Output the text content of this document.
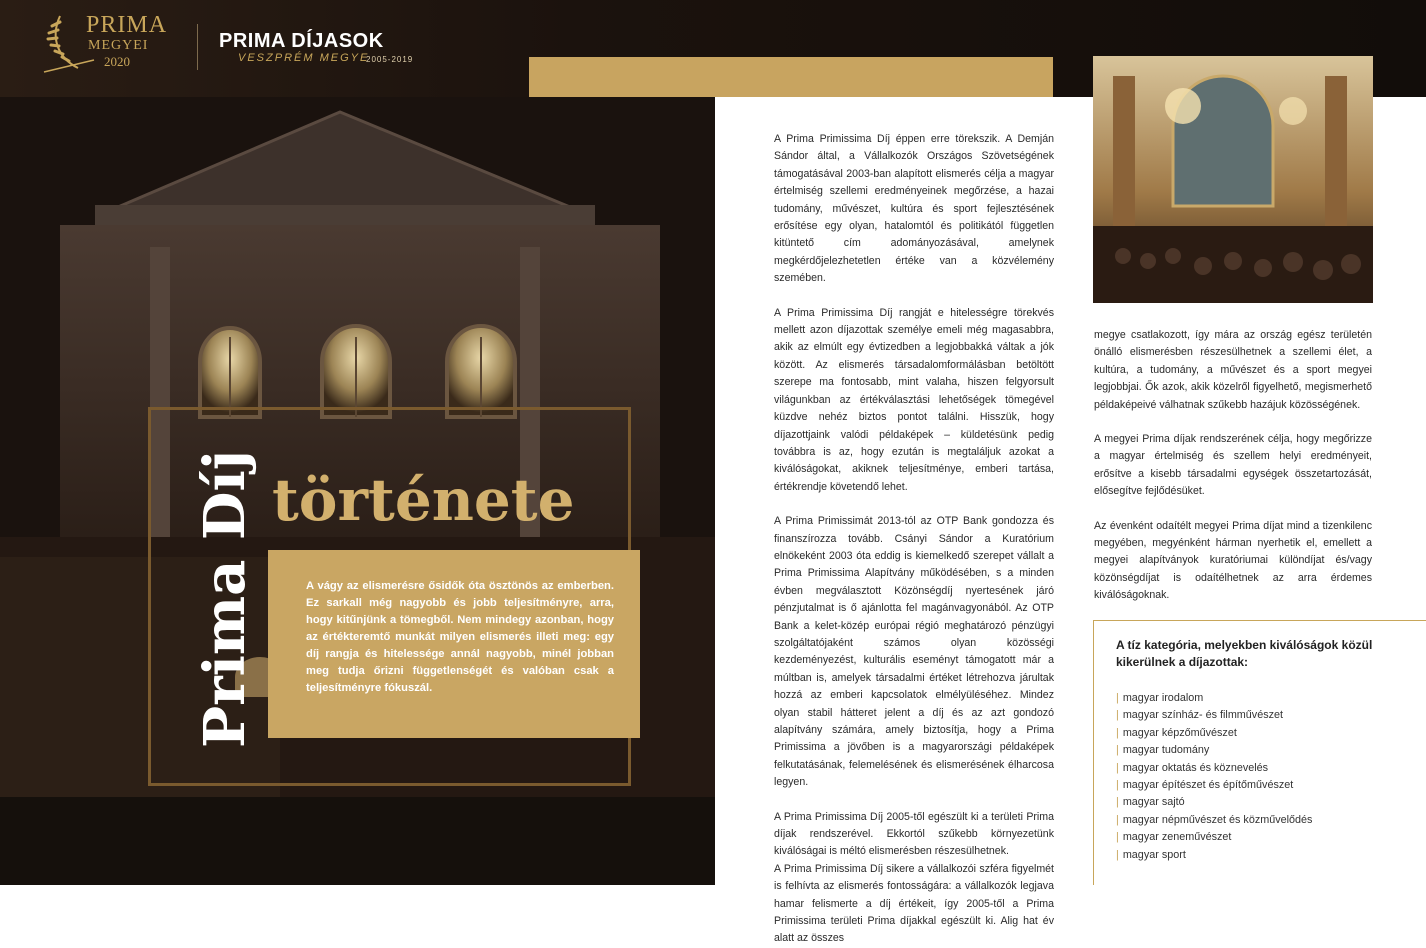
PRIMA
MEGYEI
2020
PRIMA DÍJASOK
VESZPRÉM MEGYE
2005-2019

A vágy az elismerésre ősidők óta ösztönös az emberben. Ez sarkall még nagyobb és jobb teljesítményre, arra, hogy kitűnjünk a tömegből. Nem mindegy azonban, hogy az értékteremtő munkát milyen elismerés illeti meg: egy díj rangja és hitelessége annál nagyobb, minél jobban meg tudja őrizni függetlenségét és valóban csak a teljesítményre fókuszál.

Prima Díj története

A Prima Primissima Díj éppen erre törekszik. A Demján Sándor által, a Vállalkozók Országos Szövetségének támogatásával 2003-ban alapított elismerés célja a magyar értelmiség szellemi eredményeinek megőrzése, a hazai tudomány, művészet, kultúra és sport fejlesztésének erősítése egy olyan, hatalomtól és politikától független kitüntető cím adományozásával, amelynek megkérdőjelezhetetlen értéke van a közvélemény szemében.

A Prima Primissima Díj rangját e hitelességre törekvés mellett azon díjazottak személye emeli még magasabbra, akik az elmúlt egy évtizedben a legjobbakká váltak a jók között. Az elismerés társadalomformálásban betöltött szerepe ma fontosabb, mint valaha, hiszen felgyorsult világunkban az értékválasztási lehetőségek tömegével küzdve nehéz biztos pontot találni. Hisszük, hogy díjazottjaink valódi példaképek – küldetésünk pedig továbbra is az, hogy ezután is megtaláljuk azokat a kiválóságokat, akiknek teljesítménye, emberi tartása, értékrendje követendő lehet.

A Prima Primissimát 2013-tól az OTP Bank gondozza és finanszírozza tovább. Csányi Sándor a Kuratórium elnökeként 2003 óta eddig is kiemelkedő szerepet vállalt a Prima Primissima Alapítvány működésében, s a minden évben megválasztott Közönségdíj nyertesének járó pénzjutalmat is ő ajánlotta fel magánvagyonából. Az OTP Bank a kelet-közép európai régió meghatározó pénzügyi szolgáltatójaként számos olyan közösségi kezdeményezést, kulturális eseményt támogatott már a múltban is, amelyek társadalmi értéket létrehozva járultak hozzá az emberi kapcsolatok elmélyüléséhez. Mindez olyan stabil hátteret jelent a díj és az azt gondozó alapítvány számára, amely biztosítja, hogy a Prima Primissima a jövőben is a magyarországi példaképek felkutatásának, felemelésének és elismerésének élharcosa legyen.

A Prima Primissima Díj 2005-től egészült ki a területi Prima díjak rendszerével. Ekkortól szűkebb környezetünk kiválóságai is méltó elismerésben részesülhetnek.

A Prima Primissima Díj sikere a vállalkozói szféra figyelmét is felhívta az elismerés fontosságára: a vállalkozók legjava hamar felismerte a díj értékeit, így 2005-től a Prima Primissima területi Prima díjakkal egészült ki. Alig hat év alatt az összes

megye csatlakozott, így mára az ország egész területén önálló elismerésben részesülhetnek a szellemi élet, a kultúra, a tudomány, a művészet és a sport megyei legjobbjai. Ők azok, akik közelről figyelhető, megismerhető példaképeivé válhatnak szűkebb hazájuk közösségének.

A megyei Prima díjak rendszerének célja, hogy megőrizze a magyar értelmiség és szellem helyi eredményeit, erősítve a kisebb társadalmi egységek összetartozását, elősegítve fejlődésüket.

Az évenként odaítélt megyei Prima díjat mind a tizenkilenc megyében, megyénként hárman nyerhetik el, emellett a megyei alapítványok kuratóriumai különdíjat és/vagy közönségdíjat is odaítélhetnek az arra érdemes kiválóságoknak.

A tíz kategória, melyekben kiválóságok közül kikerülnek a díjazottak:
| magyar irodalom
| magyar színház- és filmművészet
| magyar képzőművészet
| magyar tudomány
| magyar oktatás és köznevelés
| magyar építészet és építőművészet
| magyar sajtó
| magyar népművészet és közművelődés
| magyar zeneművészet
| magyar sport
